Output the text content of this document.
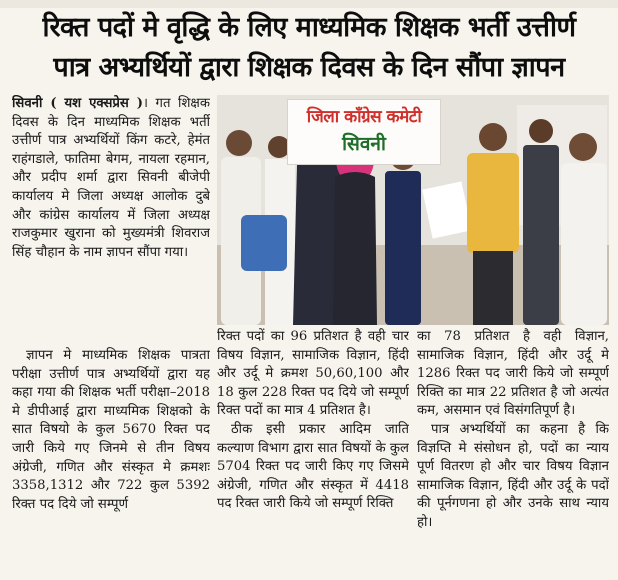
रिक्त पदों मे वृद्धि के लिए माध्यमिक शिक्षक भर्ती उत्तीर्ण
पात्र अभ्यर्थियों द्वारा शिक्षक दिवस के दिन सौंपा ज्ञापन

सिवनी ( यश एक्सप्रेस )। गत शिक्षक दिवस के दिन माध्यमिक शिक्षक भर्ती उत्तीर्ण पात्र अभ्यर्थियों किंग कटरे, हेमंत राहंगडाले, फातिमा बेगम, नायला रहमान, और प्रदीप शर्मा द्वारा सिवनी बीजेपी कार्यालय मे जिला अध्यक्ष आलोक दुबे और कांग्रेस कार्यालय में जिला अध्यक्ष राजकुमार खुराना को मुख्यमंत्री शिवराज सिंह चौहान के नाम ज्ञापन सौंपा गया।

ज्ञापन मे माध्यमिक शिक्षक पात्रता परीक्षा उत्तीर्ण पात्र अभ्यर्थियों द्वारा यह कहा गया की शिक्षक भर्ती परीक्षा–2018 मे डीपीआई द्वारा माध्यमिक शिक्षको के सात विषयो के कुल 5670 रिक्त पद जारी किये गए जिनमे से तीन विषय अंग्रेजी, गणित और संस्कृत मे क्रमशः 3358,1312 और 722 कुल 5392 रिक्त पद दिये जो सम्पूर्ण

जिला कॉंग्रेस कमेटी
सिवनी

रिक्त पदों का 96 प्रतिशत है वही चार विषय विज्ञान, सामाजिक विज्ञान, हिंदी और उर्दू मे क्रमश 50,60,100 और 18 कुल 228 रिक्त पद दिये जो सम्पूर्ण रिक्त पदों का मात्र 4 प्रतिशत है।

ठीक इसी प्रकार आदिम जाति कल्याण विभाग द्वारा सात विषयों के कुल 5704 रिक्त पद जारी किए गए जिसमे अंग्रेजी, गणित और संस्कृत में 4418 पद रिक्त जारी किये जो सम्पूर्ण रिक्ति

का 78 प्रतिशत है वही विज्ञान, सामाजिक विज्ञान, हिंदी और उर्दू मे 1286 रिक्त पद जारी किये जो सम्पूर्ण रिक्ति का मात्र 22 प्रतिशत है जो अत्यंत कम, असमान एवं विसंगतिपूर्ण है।

पात्र अभ्यर्थियों का कहना है कि विज्ञप्ति मे संसोधन हो, पदों का न्याय पूर्ण वितरण हो और चार विषय विज्ञान सामाजिक विज्ञान, हिंदी और उर्दू के पदों की पूर्नगणना हो और उनके साथ न्याय हो।
